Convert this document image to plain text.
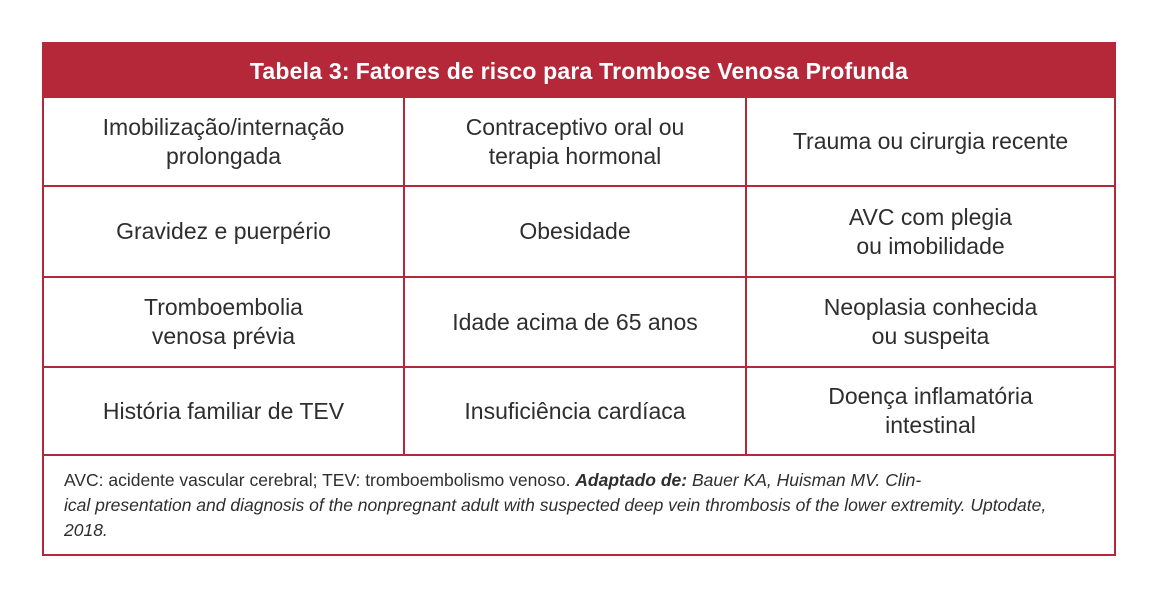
Tabela 3: Fatores de risco para Trombose Venosa Profunda
Imobilização/internação
prolongada
Contraceptivo oral ou
terapia hormonal
Trauma ou cirurgia recente
Gravidez e puerpério	Obesidade
AVC com plegia
ou imobilidade
Tromboembolia
venosa prévia
Idade acima de 65 anos
Neoplasia conhecida
ou suspeita
História familiar de TEV	Insuficiência cardíaca
Doença inflamatória
intestinal
AVC: acidente vascular cerebral; TEV: tromboembolismo venoso. Adaptado de: Bauer KA, Huisman MV. Clin-
ical presentation and diagnosis of the nonpregnant adult with suspected deep vein thrombosis of the lower extremity. Uptodate, 2018.
